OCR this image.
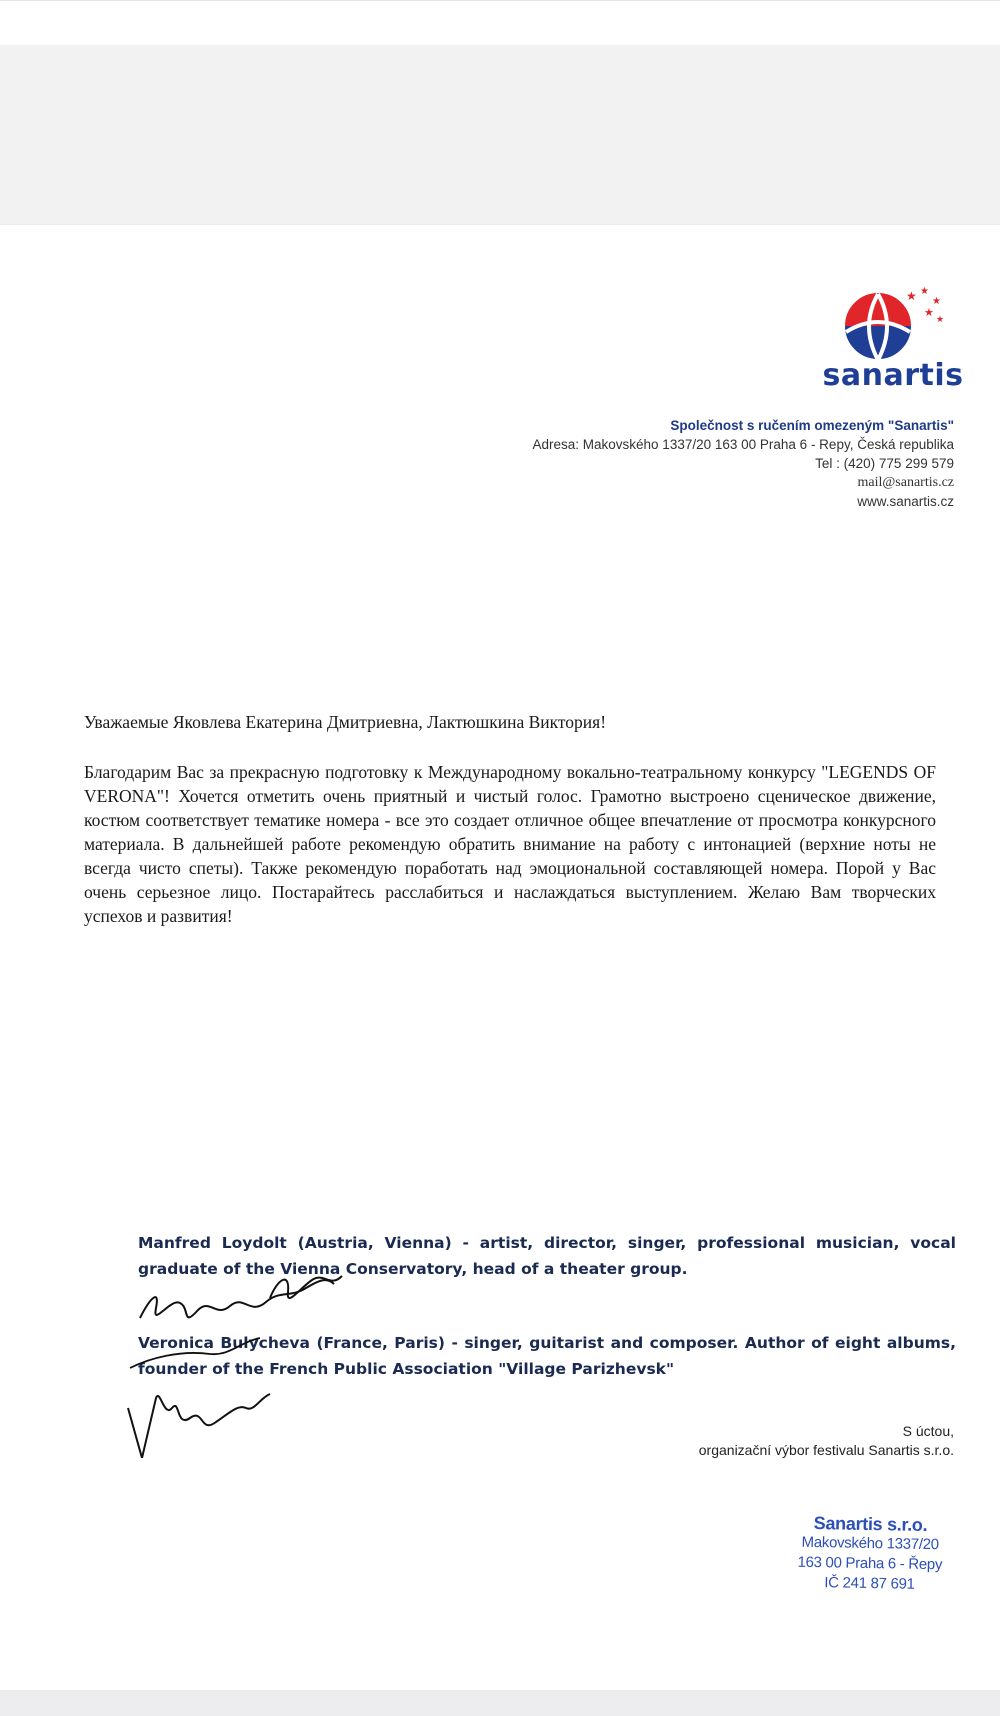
★ ★
★
★
★
sanartis
Společnost s ručením omezeným "Sanartis"
Adresa: Makovského 1337/20 163 00 Praha 6 - Repy, Česká republika
Tel : (420) 775 299 579
mail@sanartis.cz
www.sanartis.cz

Уважаемые Яковлева Екатерина Дмитриевна, Лактюшкина Виктория!

Благодарим Вас за прекрасную подготовку к Международному вокально-театральному конкурсу "LEGENDS OF VERONA"! Хочется отметить очень приятный и чистый голос. Грамотно выстроено сценическое движение, костюм соответствует тематике номера - все это создает отличное общее впечатление от просмотра конкурсного материала. В дальнейшей работе рекомендую обратить внимание на работу с интонацией (верхние ноты не всегда чисто спеты). Также рекомендую поработать над эмоциональной составляющей номера. Порой у Вас очень серьезное лицо. Постарайтесь расслабиться и наслаждаться выступлением. Желаю Вам творческих успехов и развития!

Manfred Loydolt (Austria, Vienna) - artist, director, singer, professional musician, vocal graduate of the Vienna Conservatory, head of a theater group.
Veronica Bulycheva (France, Paris) - singer, guitarist and composer. Author of eight albums, founder of the French Public Association "Village Parizhevsk"
S úctou,
organizační výbor festivalu Sanartis s.r.o.
Sanartis s.r.o.
Makovského 1337/20
163 00 Praha 6 - Řepy
IČ 241 87 691
